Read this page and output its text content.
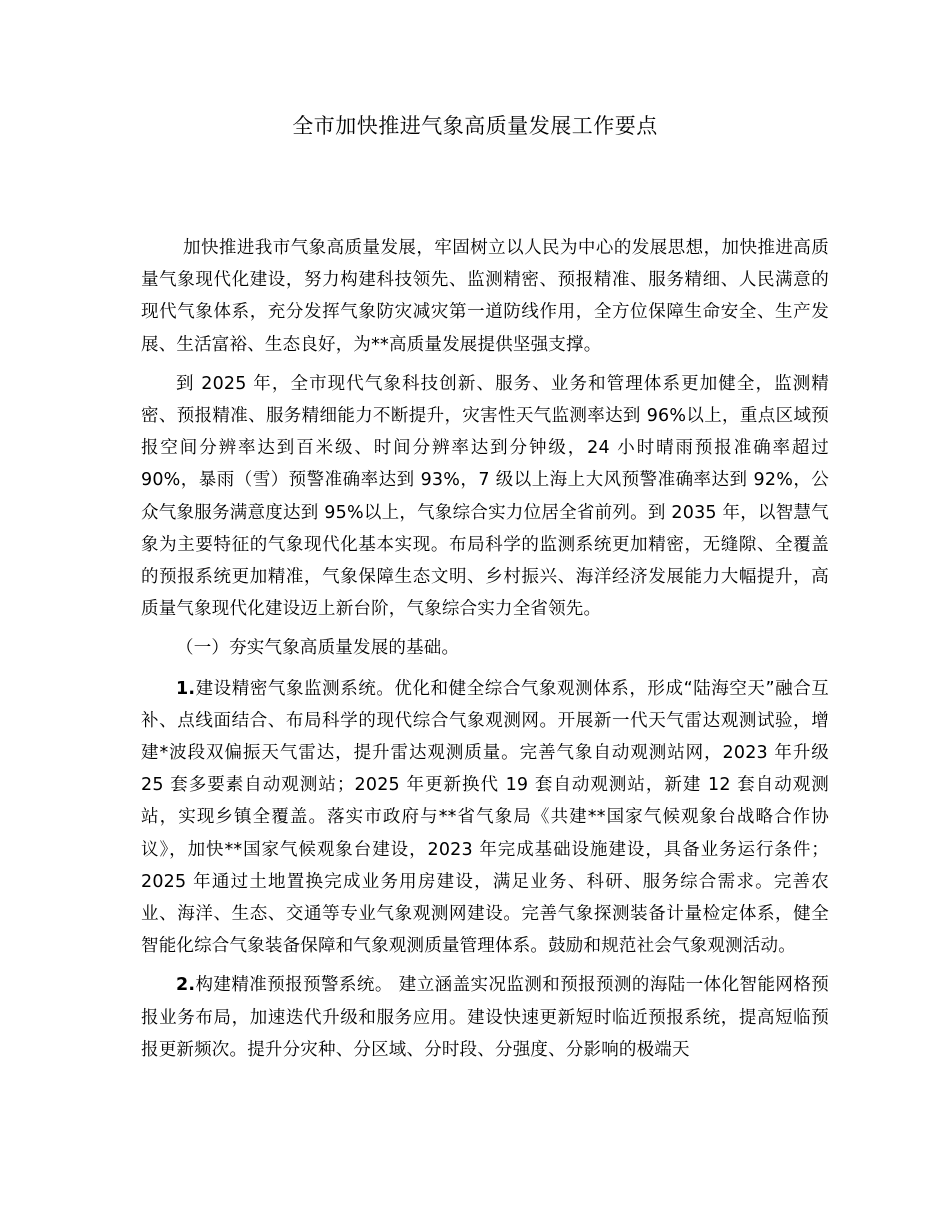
全市加快推进气象高质量发展工作要点

加快推进我市气象高质量发展，牢固树立以人民为中心的发展思想，加快推进高质量气象现代化建设，努力构建科技领先、监测精密、预报精准、服务精细、人民满意的现代气象体系，充分发挥气象防灾减灾第一道防线作用，全方位保障生命安全、生产发展、生活富裕、生态良好，为**高质量发展提供坚强支撑。

到 2025 年，全市现代气象科技创新、服务、业务和管理体系更加健全，监测精密、预报精准、服务精细能力不断提升，灾害性天气监测率达到 96%以上，重点区域预报空间分辨率达到百米级、时间分辨率达到分钟级，24 小时晴雨预报准确率超过 90%，暴雨（雪）预警准确率达到 93%，7 级以上海上大风预警准确率达到 92%，公众气象服务满意度达到 95%以上，气象综合实力位居全省前列。到 2035 年，以智慧气象为主要特征的气象现代化基本实现。布局科学的监测系统更加精密，无缝隙、全覆盖的预报系统更加精准，气象保障生态文明、乡村振兴、海洋经济发展能力大幅提升，高质量气象现代化建设迈上新台阶，气象综合实力全省领先。

（一）夯实气象高质量发展的基础。

1.建设精密气象监测系统。优化和健全综合气象观测体系，形成“陆海空天”融合互补、点线面结合、布局科学的现代综合气象观测网。开展新一代天气雷达观测试验，增建*波段双偏振天气雷达，提升雷达观测质量。完善气象自动观测站网，2023 年升级 25 套多要素自动观测站；2025 年更新换代 19 套自动观测站，新建 12 套自动观测站，实现乡镇全覆盖。落实市政府与**省气象局《共建**国家气候观象台战略合作协议》，加快**国家气候观象台建设，2023 年完成基础设施建设，具备业务运行条件；2025 年通过土地置换完成业务用房建设，满足业务、科研、服务综合需求。完善农业、海洋、生态、交通等专业气象观测网建设。完善气象探测装备计量检定体系，健全智能化综合气象装备保障和气象观测质量管理体系。鼓励和规范社会气象观测活动。

2.构建精准预报预警系统。 建立涵盖实况监测和预报预测的海陆一体化智能网格预报业务布局，加速迭代升级和服务应用。建设快速更新短时临近预报系统，提高短临预报更新频次。提升分灾种、分区域、分时段、分强度、分影响的极端天
